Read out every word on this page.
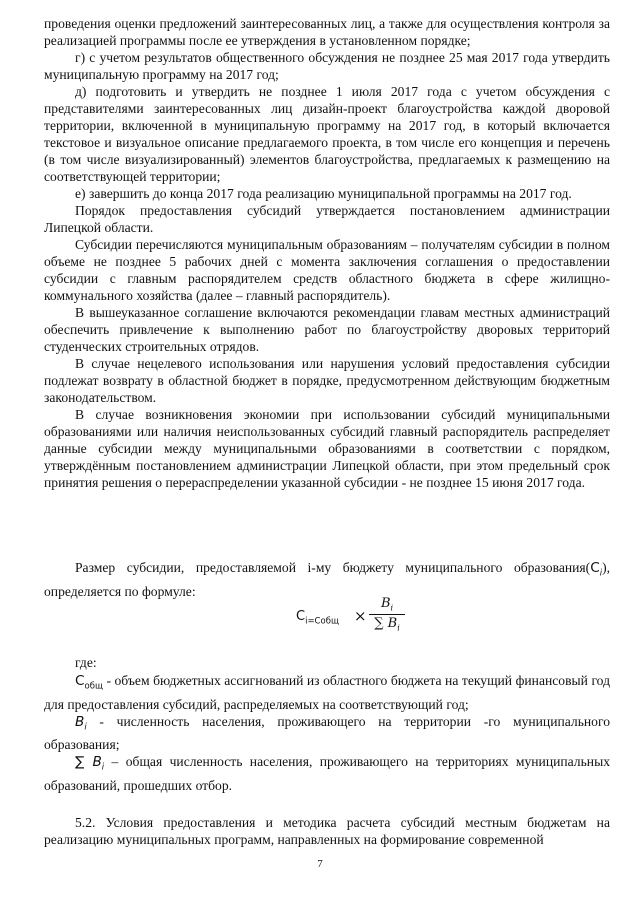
проведения оценки предложений заинтересованных лиц, а также для осуществления контроля за реализацией программы после ее утверждения в установленном порядке;

г) с учетом результатов общественного обсуждения не позднее 25 мая 2017 года утвердить муниципальную программу на 2017 год;

д) подготовить и утвердить не позднее 1 июля 2017 года с учетом обсуждения с представителями заинтересованных лиц дизайн-проект благоустройства каждой дворовой территории, включенной в муниципальную программу на 2017 год, в который включается текстовое и визуальное описание предлагаемого проекта, в том числе его концепция и перечень (в том числе визуализированный) элементов благоустройства, предлагаемых к размещению на соответствующей территории;

е) завершить до конца 2017 года реализацию муниципальной программы на 2017 год.

Порядок предоставления субсидий утверждается постановлением администрации Липецкой области.

Субсидии перечисляются муниципальным образованиям – получателям субсидии в полном объеме не позднее 5 рабочих дней с момента заключения соглашения о предоставлении субсидии с главным распорядителем средств областного бюджета в сфере жилищно-коммунального хозяйства (далее – главный распорядитель).

В вышеуказанное соглашение включаются рекомендации главам местных администраций обеспечить привлечение к выполнению работ по благоустройству дворовых территорий студенческих строительных отрядов.

В случае нецелевого использования или нарушения условий предоставления субсидии подлежат возврату в областной бюджет в порядке, предусмотренном действующим бюджетным законодательством.

В случае возникновения экономии при использовании субсидий муниципальными образованиями или наличия неиспользованных субсидий главный распорядитель распределяет данные субсидии между муниципальными образованиями в соответствии с порядком, утверждённым постановлением администрации Липецкой области, при этом предельный срок принятия решения о перераспределении указанной субсидии - не позднее 15 июня 2017 года.

Размер субсидии, предоставляемой i-му бюджету муниципального $образования(С_i)$, определяется по формуле:

$С_{i=Собщ}$ ×
$B_i$
∑ $B_i$
где:

$С_{общ}$ - объем бюджетных ассигнований из областного бюджета на текущий финансовый год для предоставления субсидий, распределяемых на соответствующий год;

$B_i$ - численность населения, проживающего на территории -го муниципального образования;

∑ $B_i$ – общая численность населения, проживающего на территориях муниципальных образований, прошедших отбор.

5.2. Условия предоставления и методика расчета субсидий местным бюджетам на реализацию муниципальных программ, направленных на формирование современной

7
